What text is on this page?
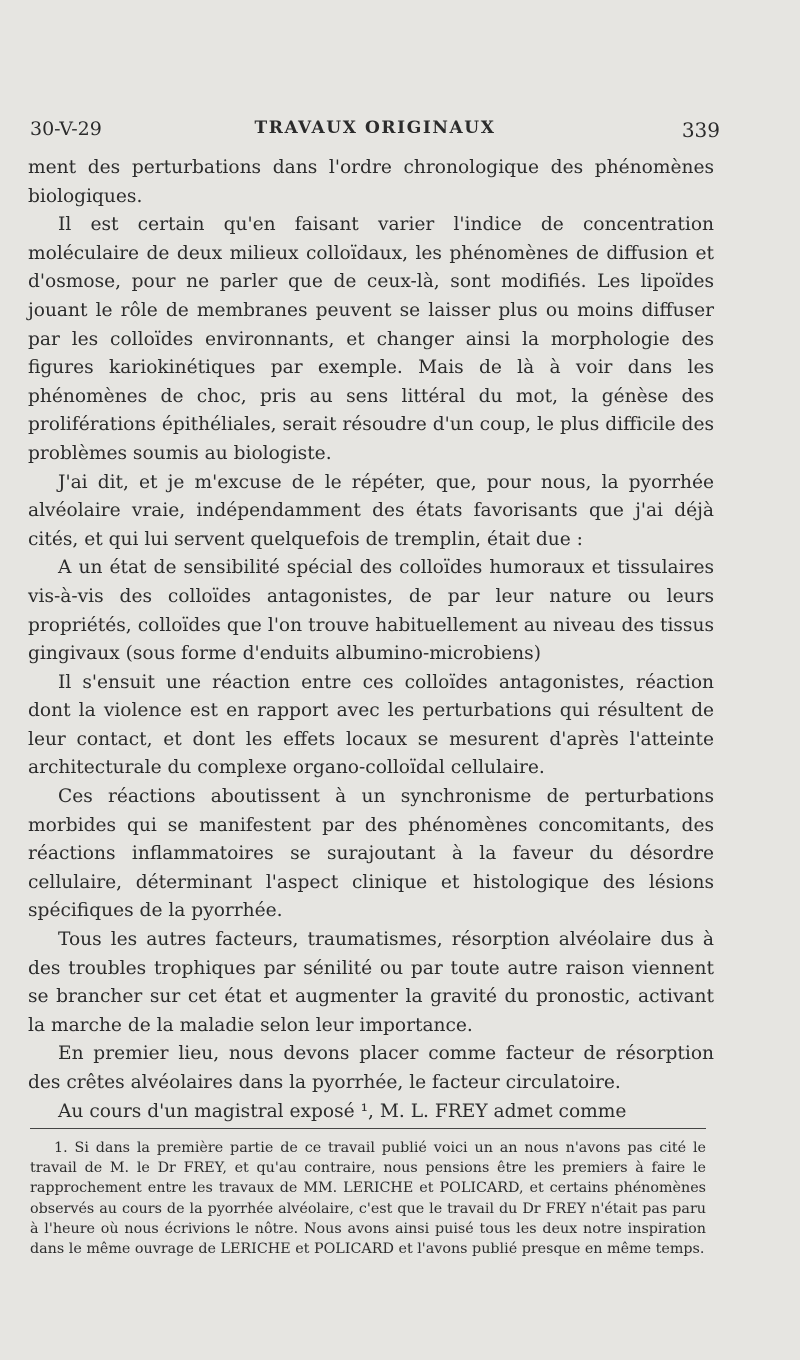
30-V-29	TRAVAUX ORIGINAUX	339

ment des perturbations dans l'ordre chronologique des phénomènes biologiques.

Il est certain qu'en faisant varier l'indice de concentration moléculaire de deux milieux colloïdaux, les phénomènes de diffusion et d'osmose, pour ne parler que de ceux-là, sont modifiés. Les lipoïdes jouant le rôle de membranes peuvent se laisser plus ou moins diffuser par les colloïdes environnants, et changer ainsi la morphologie des figures kariokinétiques par exemple. Mais de là à voir dans les phénomènes de choc, pris au sens littéral du mot, la génèse des proliférations épithéliales, serait résoudre d'un coup, le plus difficile des problèmes soumis au biologiste.

J'ai dit, et je m'excuse de le répéter, que, pour nous, la pyorrhée alvéolaire vraie, indépendamment des états favorisants que j'ai déjà cités, et qui lui servent quelquefois de tremplin, était due :

A un état de sensibilité spécial des colloïdes humoraux et tissulaires vis-à-vis des colloïdes antagonistes, de par leur nature ou leurs propriétés, colloïdes que l'on trouve habituellement au niveau des tissus gingivaux (sous forme d'enduits albumino-microbiens)

Il s'ensuit une réaction entre ces colloïdes antagonistes, réaction dont la violence est en rapport avec les perturbations qui résultent de leur contact, et dont les effets locaux se mesurent d'après l'atteinte architecturale du complexe organo-colloïdal cellulaire.

Ces réactions aboutissent à un synchronisme de perturbations morbides qui se manifestent par des phénomènes concomitants, des réactions inflammatoires se surajoutant à la faveur du désordre cellulaire, déterminant l'aspect clinique et histologique des lésions spécifiques de la pyorrhée.

Tous les autres facteurs, traumatismes, résorption alvéolaire dus à des troubles trophiques par sénilité ou par toute autre raison viennent se brancher sur cet état et augmenter la gravité du pronostic, activant la marche de la maladie selon leur importance.

En premier lieu, nous devons placer comme facteur de résorption des crêtes alvéolaires dans la pyorrhée, le facteur circulatoire.

Au cours d'un magistral exposé ¹, M. L. FREY admet comme

1. Si dans la première partie de ce travail publié voici un an nous n'avons pas cité le travail de M. le Dr FREY, et qu'au contraire, nous pensions être les premiers à faire le rapprochement entre les travaux de MM. LERICHE et POLICARD, et certains phénomènes observés au cours de la pyorrhée alvéolaire, c'est que le travail du Dr FREY n'était pas paru à l'heure où nous écrivions le nôtre. Nous avons ainsi puisé tous les deux notre inspiration dans le même ouvrage de LERICHE et POLICARD et l'avons publié presque en même temps.
